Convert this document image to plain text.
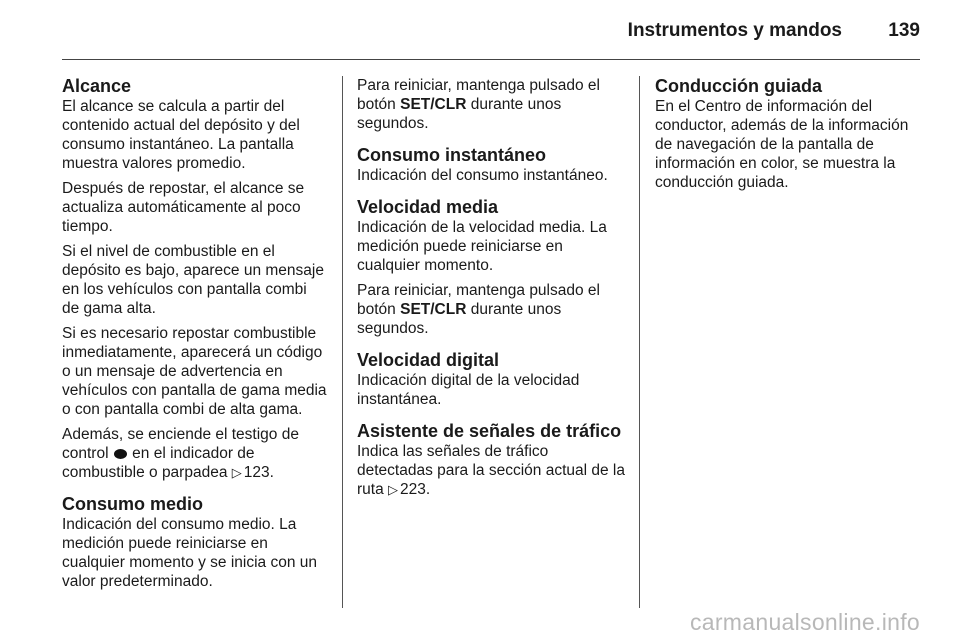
Instrumentos y mandos 139
Alcance

El alcance se calcula a partir del contenido actual del depósito y del consumo instantáneo. La pantalla muestra valores promedio.

Después de repostar, el alcance se actualiza automáticamente al poco tiempo.

Si el nivel de combustible en el depósito es bajo, aparece un mensaje en los vehículos con pantalla combi de gama alta.

Si es necesario repostar combustible inmediatamente, aparecerá un código o un mensaje de advertencia en vehículos con pantalla de gama media o con pantalla combi de alta gama.

Además, se enciende el testigo de control en el indicador de combustible o parpadea ▷ 123.

Consumo medio

Indicación del consumo medio. La medición puede reiniciarse en cualquier momento y se inicia con un valor predeterminado.

Para reiniciar, mantenga pulsado el botón SET/CLR durante unos segundos.

Consumo instantáneo

Indicación del consumo instantáneo.

Velocidad media

Indicación de la velocidad media. La medición puede reiniciarse en cualquier momento.

Para reiniciar, mantenga pulsado el botón SET/CLR durante unos segundos.

Velocidad digital

Indicación digital de la velocidad instantánea.

Asistente de señales de tráfico

Indica las señales de tráfico detectadas para la sección actual de la ruta ▷ 223.

Conducción guiada

En el Centro de información del conductor, además de la información de navegación de la pantalla de información en color, se muestra la conducción guiada.

carmanualsonline.info
